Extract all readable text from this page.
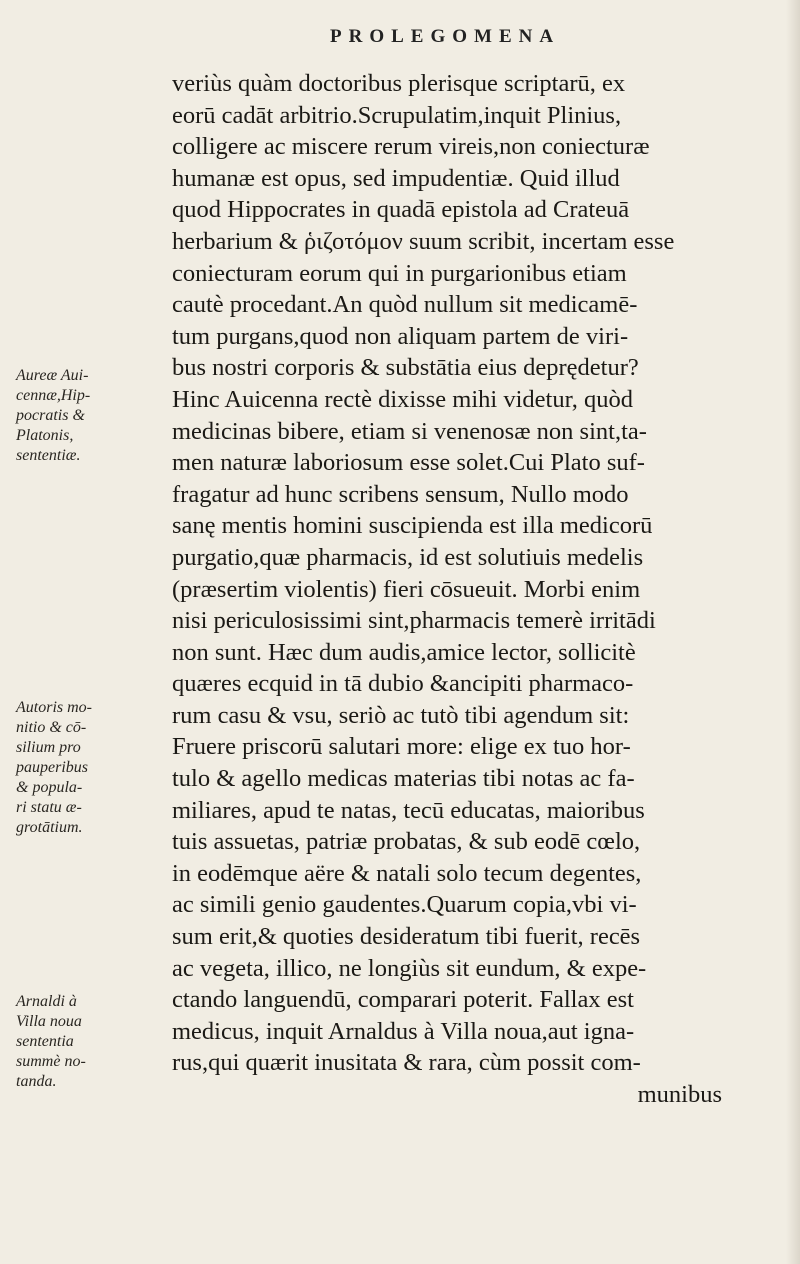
PROLEGOMENA
veriùs quàm doctoribus plerisque scriptarū, ex
eorū cadāt arbitrio.Scrupulatim,inquit Plinius,
colligere ac miscere rerum vireis,non coniecturæ
humanæ est opus, sed impudentiæ. Quid illud
quod Hippocrates in quadā epistola ad Crateuā
herbarium & ῥιζοτόμον suum scribit, incertam esse
coniecturam eorum qui in purgarionibus etiam
cautè procedant.An quòd nullum sit medicamē-
tum purgans,quod non aliquam partem de viri-
bus nostri corporis & substātia eius deprędetur?
Hinc Auicenna rectè dixisse mihi videtur, quòd
medicinas bibere, etiam si venenosæ non sint,ta-
men naturæ laboriosum esse solet.Cui Plato suf-
fragatur ad hunc scribens sensum, Nullo modo
sanę mentis homini suscipienda est illa medicorū
purgatio,quæ pharmacis, id est solutiuis medelis
(præsertim violentis) fieri cōsueuit. Morbi enim
nisi periculosissimi sint,pharmacis temerè irritādi
non sunt. Hæc dum audis,amice lector, sollicitè
quæres ecquid in tā dubio &ancipiti pharmaco-
rum casu & vsu, seriò ac tutò tibi agendum sit:
Fruere priscorū salutari more: elige ex tuo hor-
tulo & agello medicas materias tibi notas ac fa-
miliares, apud te natas, tecū educatas, maioribus
tuis assuetas, patriæ probatas, & sub eodē cœlo,
in eodēmque aëre & natali solo tecum degentes,
ac simili genio gaudentes.Quarum copia,vbi vi-
sum erit,& quoties desideratum tibi fuerit, recēs
ac vegeta, illico, ne longiùs sit eundum, & expe-
ctando languendū, comparari poterit. Fallax est
medicus, inquit Arnaldus à Villa noua,aut igna-
rus,qui quærit inusitata & rara, cùm possit com-
munibus
Aureæ Aui-
cennæ,Hip-
pocratis &
Platonis,
sententiæ.
Autoris mo-
nitio & cō-
silium pro
pauperibus
& popula-
ri statu æ-
grotātium.
Arnaldi à
Villa noua
sententia
summè no-
tanda.
